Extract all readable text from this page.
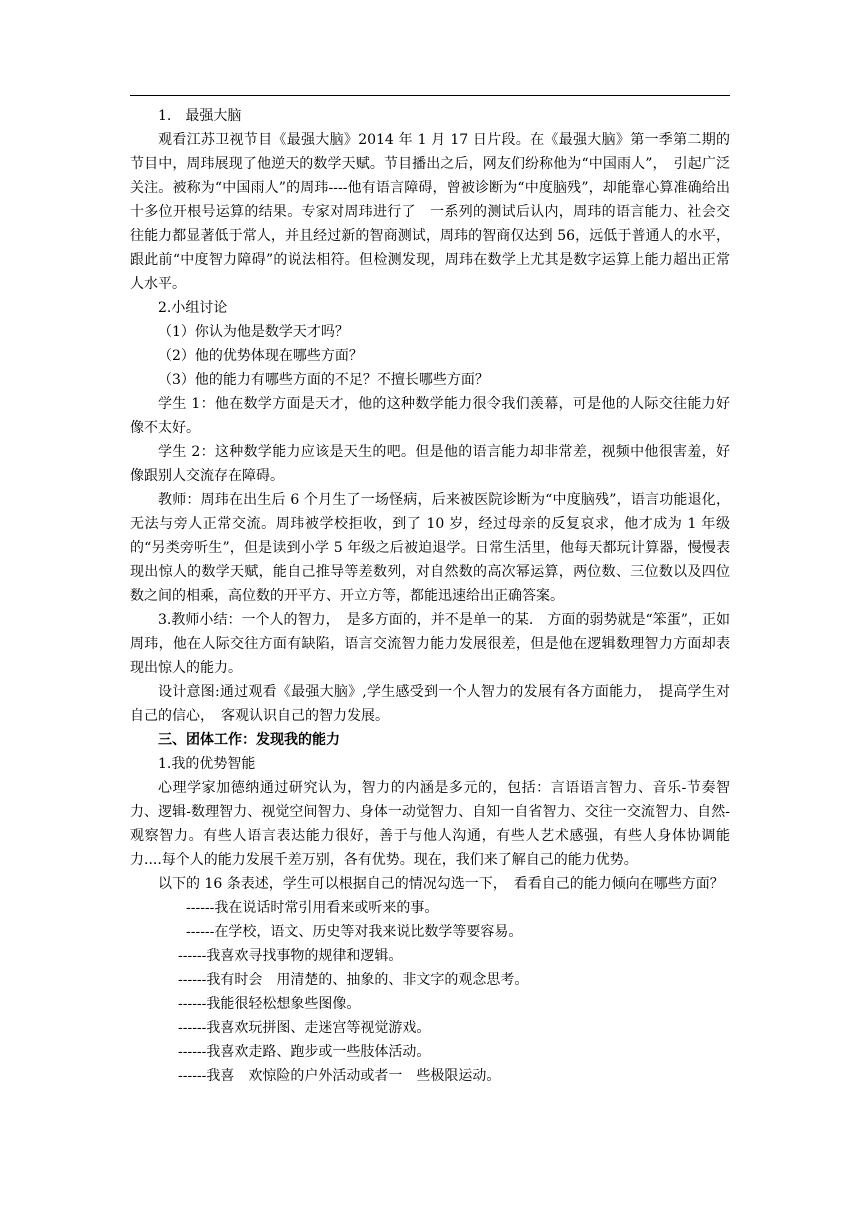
1.　最强大脑

观看江苏卫视节目《最强大脑》2014 年 1 月 17 日片段。在《最强大脑》第一季第二期的节目中，周玮展现了他逆天的数学天赋。节目播出之后，网友们纷称他为“中国雨人”，　引起广泛关注。被称为“中国雨人”的周玮----他有语言障碍，曾被诊断为“中度脑残”，却能靠心算准确给出十多位开根号运算的结果。专家对周玮进行了　一系列的测试后认内，周玮的语言能力、社会交往能力都显著低于常人，并且经过新的智商测试，周玮的智商仅达到 56，远低于普通人的水平，跟此前“中度智力障碍”的说法相符。但检测发现，周玮在数学上尤其是数字运算上能力超出正常人水平。

2.小组讨论

（1）你认为他是数学天才吗？

（2）他的优势体现在哪些方面？

（3）他的能力有哪些方面的不足？不擅长哪些方面？

学生 1：他在数学方面是天才，他的这种数学能力很令我们羡幕，可是他的人际交往能力好像不太好。

学生 2：这种数学能力应该是天生的吧。但是他的语言能力却非常差，视频中他很害羞，好像跟别人交流存在障碍。

教师：周玮在出生后 6 个月生了一场怪病，后来被医院诊断为“中度脑残”，语言功能退化，无法与旁人正常交流。周玮被学校拒收，到了 10 岁，经过母亲的反复哀求，他才成为 1 年级的“另类旁听生”，但是读到小学 5 年级之后被迫退学。日常生活里，他每天都玩计算器，慢慢表现出惊人的数学天赋，能自己推导等差数列，对自然数的高次幂运算，两位数、三位数以及四位数之间的相乘，高位数的开平方、开立方等，都能迅速给出正确答案。

3.教师小结：一个人的智力，　是多方面的，并不是单一的某.　方面的弱势就是“笨蛋”，正如周玮，他在人际交往方面有缺陷，语言交流智力能力发展很差，但是他在逻辑数理智力方面却表现出惊人的能力。

设计意图:通过观看《最强大脑》,学生感受到一个人智力的发展有各方面能力，　提高学生对自己的信心，　客观认识自己的智力发展。

三、团体工作：发现我的能力

1.我的优势智能

心理学家加德纳通过研究认为，智力的内涵是多元的，包括：言语语言智力、音乐-节奏智力、逻辑-数理智力、视觉空间智力、身体一动觉智力、自知一自省智力、交往一交流智力、自然-观察智力。有些人语言表达能力很好，善于与他人沟通，有些人艺术感强，有些人身体协调能力....每个人的能力发展千差万别，各有优势。现在，我们来了解自己的能力优势。

以下的 16 条表述，学生可以根据自己的情况勾选一下，　看看自己的能力倾向在哪些方面？

------我在说话时常引用看来或听来的事。

------在学校，语文、历史等对我来说比数学等要容易。

------我喜欢寻找事物的规律和逻辑。

------我有时会　用清楚的、抽象的、非文字的观念思考。

------我能很轻松想象些图像。

------我喜欢玩拼图、走迷宫等视觉游戏。

------我喜欢走路、跑步或一些肢体活动。

------我喜　欢惊险的户外活动或者一　些极限运动。
